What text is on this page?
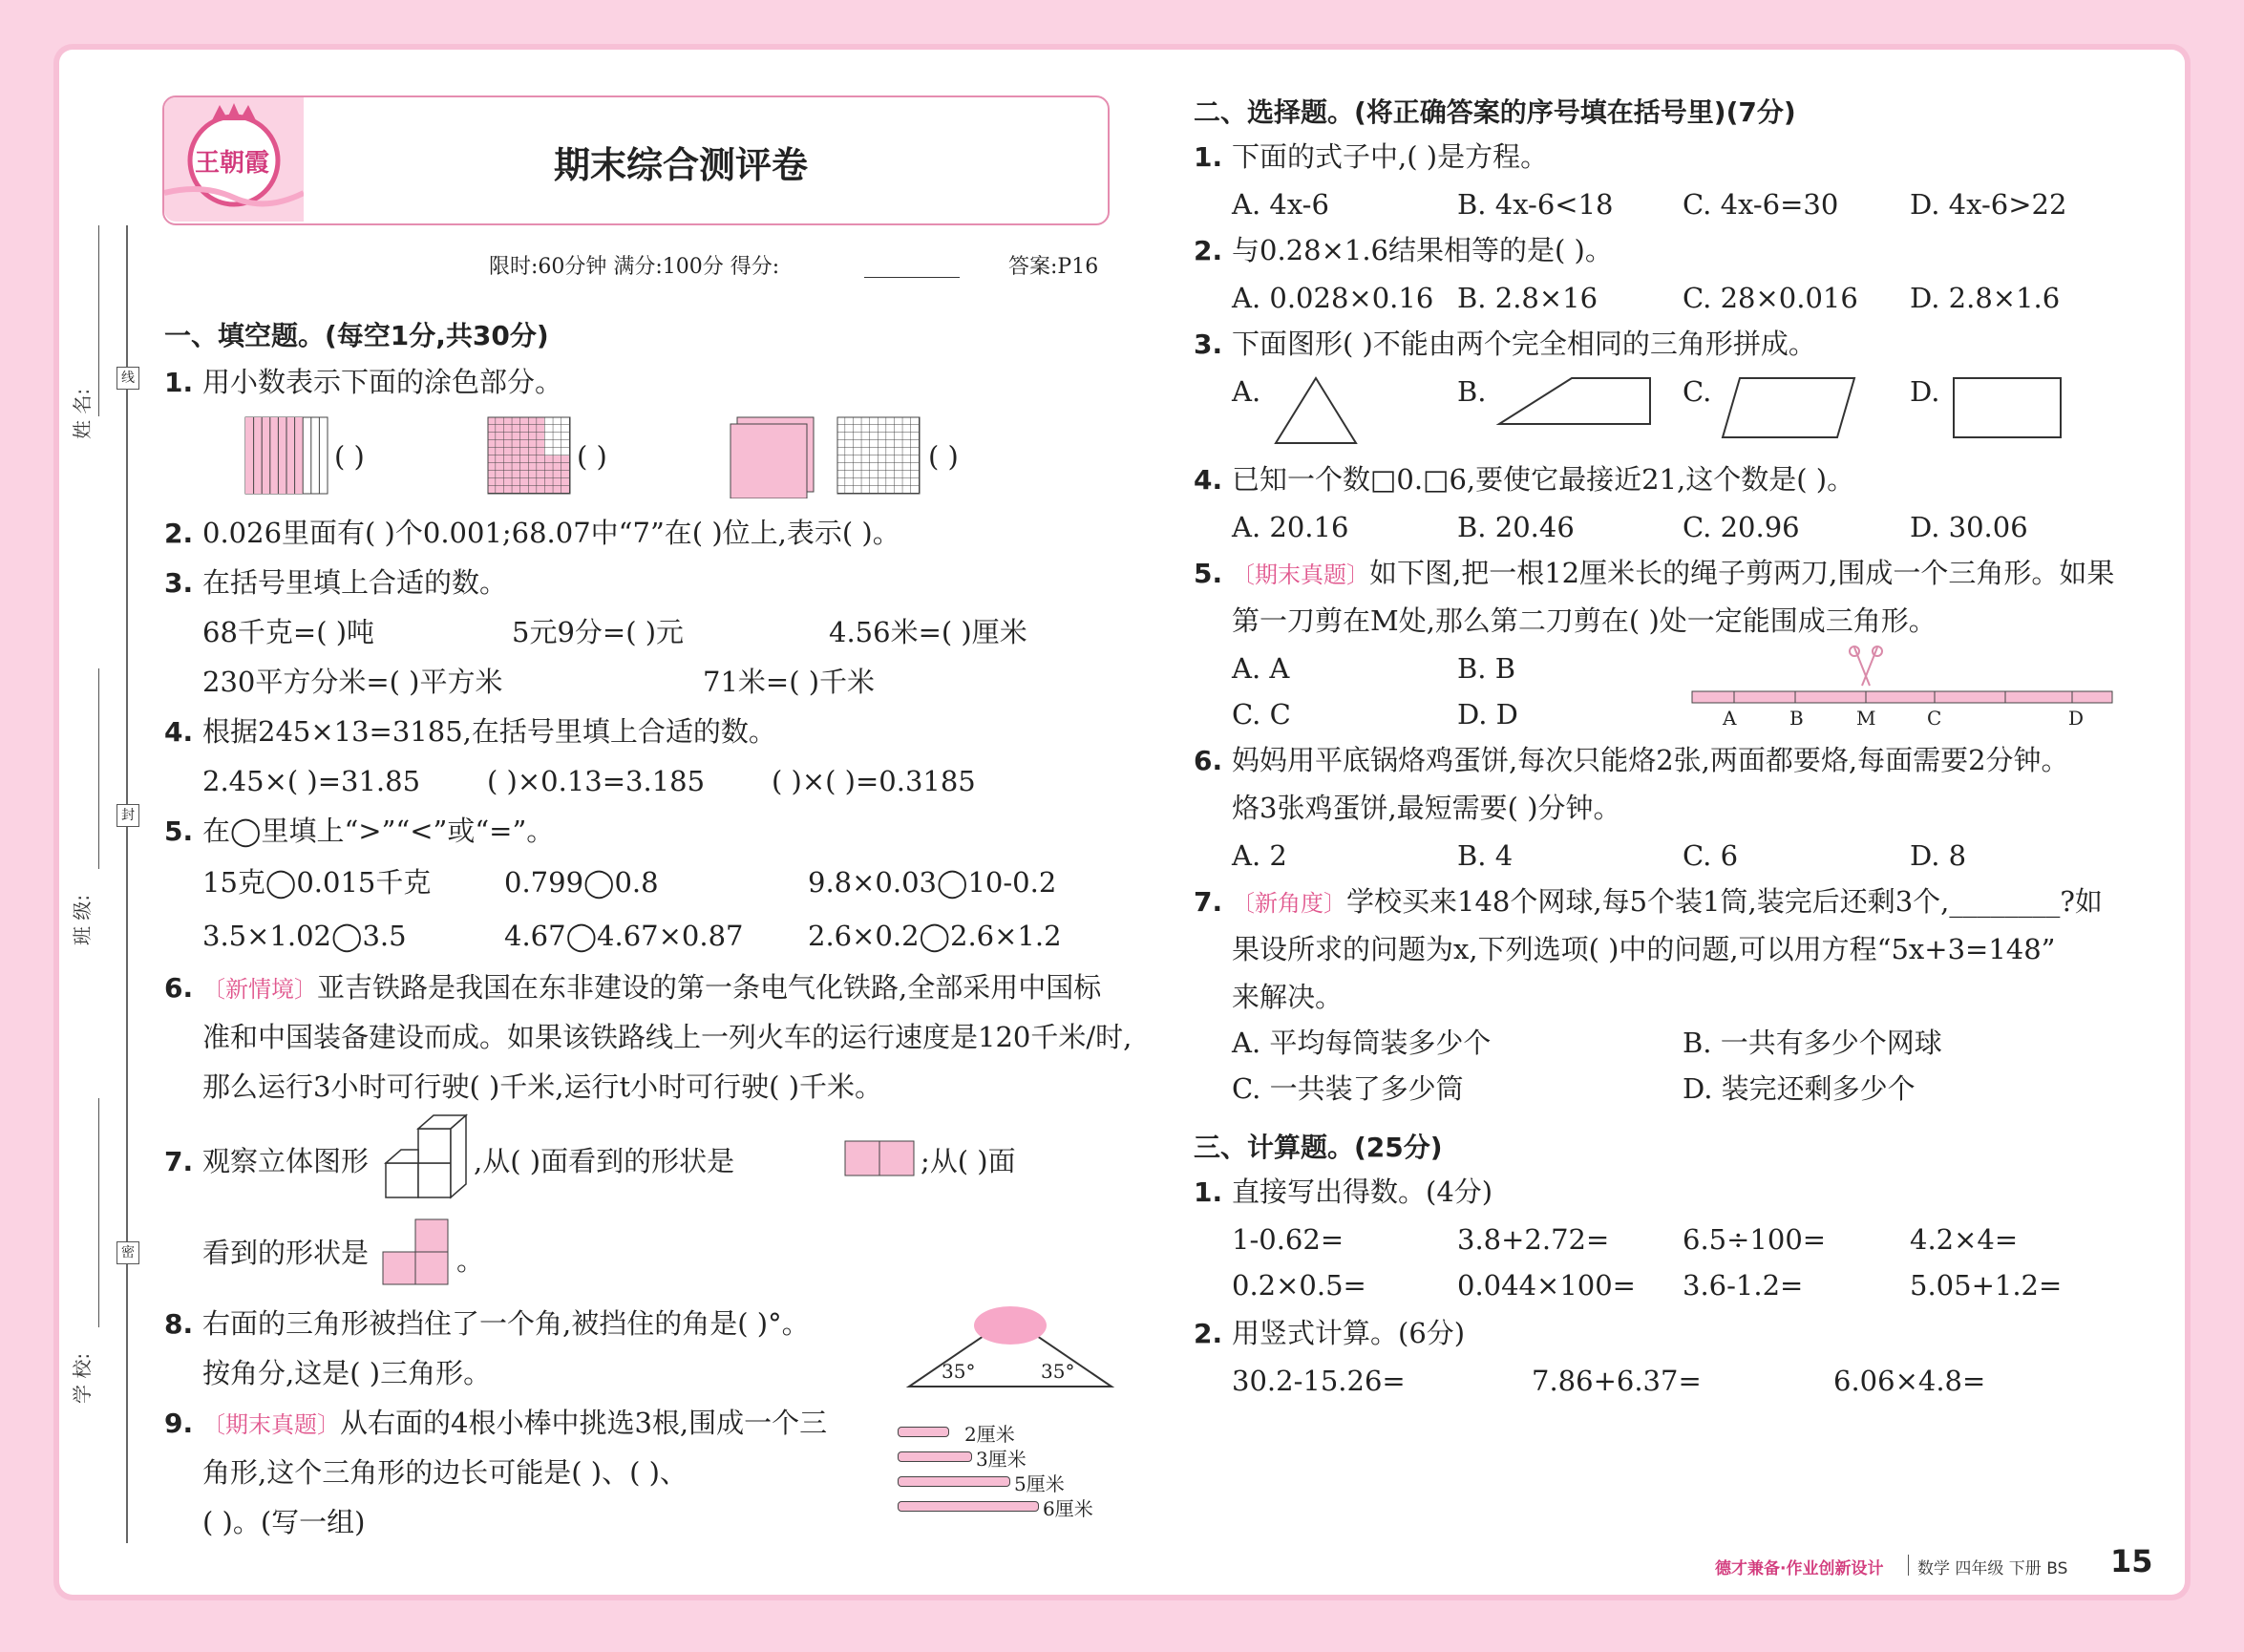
线
封
密
姓 名:
班 级:
学 校:
王朝霞	期末综合测评卷
限时:60分钟 满分:100分 得分:	答案:P16
一、填空题。(每空1分,共30分)
1. 用小数表示下面的涂色部分。
( )	( )	( )
2. 0.026里面有( )个0.001;68.07中“7”在( )位上,表示( )。
3. 在括号里填上合适的数。
68千克=( )吨	5元9分=( )元	4.56米=( )厘米
230平方分米=( )平方米	71米=( )千米
4. 根据245×13=3185,在括号里填上合适的数。
2.45×( )=31.85 ( )×0.13=3.185 ( )×( )=0.3185
5. 在◯里填上“>”“<”或“=”。
15克◯0.015千克	0.799◯0.8	9.8×0.03◯10-0.2
3.5×1.02◯3.5	4.67◯4.67×0.87 2.6×0.2◯2.6×1.2
6. 〔新情境〕亚吉铁路是我国在东非建设的第一条电气化铁路,全部采用中国标
准和中国装备建设而成。如果该铁路线上一列火车的运行速度是120千米/时,
那么运行3小时可行驶( )千米,运行t小时可行驶( )千米。
7. 观察立体图形	,从( )面看到的形状是	;从( )面
看到的形状是	。
8. 右面的三角形被挡住了一个角,被挡住的角是( )°。
按角分,这是( )三角形。	35°	35°
9. 〔期末真题〕从右面的4根小棒中挑选3根,围成一个三
角形,这个三角形的边长可能是( )、( )、
( )。(写一组)
2厘米
3厘米
5厘米
6厘米
二、选择题。(将正确答案的序号填在括号里)(7分)
1. 下面的式子中,( )是方程。
A. 4x-6	B. 4x-6<18	C. 4x-6=30	D. 4x-6>22
2. 与0.28×1.6结果相等的是( )。
A. 0.028×0.16 B. 2.8×16	C. 28×0.016 D. 2.8×1.6
3. 下面图形( )不能由两个完全相同的三角形拼成。
A.	B.	C.	D.
4. 已知一个数□0.□6,要使它最接近21,这个数是( )。
A. 20.16	B. 20.46	C. 20.96	D. 30.06
5. 〔期末真题〕如下图,把一根12厘米长的绳子剪两刀,围成一个三角形。如果
第一刀剪在M处,那么第二刀剪在( )处一定能围成三角形。
A. A	B. B
C. C	D. D	A	B	M	C	D
6. 妈妈用平底锅烙鸡蛋饼,每次只能烙2张,两面都要烙,每面需要2分钟。
烙3张鸡蛋饼,最短需要( )分钟。
A. 2	B. 4	C. 6	D. 8
7. 〔新角度〕学校买来148个网球,每5个装1筒,装完后还剩3个,________?如
果设所求的问题为x,下列选项( )中的问题,可以用方程“5x+3=148”
来解决。
A. 平均每筒装多少个	B. 一共有多少个网球
C. 一共装了多少筒	D. 装完还剩多少个
三、计算题。(25分)
1. 直接写出得数。(4分)
1-0.62=	3.8+2.72=	6.5÷100=	4.2×4=
0.2×0.5=	0.044×100= 3.6-1.2=	5.05+1.2=
2. 用竖式计算。(6分)
30.2-15.26=	7.86+6.37=	6.06×4.8=
德才兼备·作业创新设计 数学 四年级 下册 BS 15
